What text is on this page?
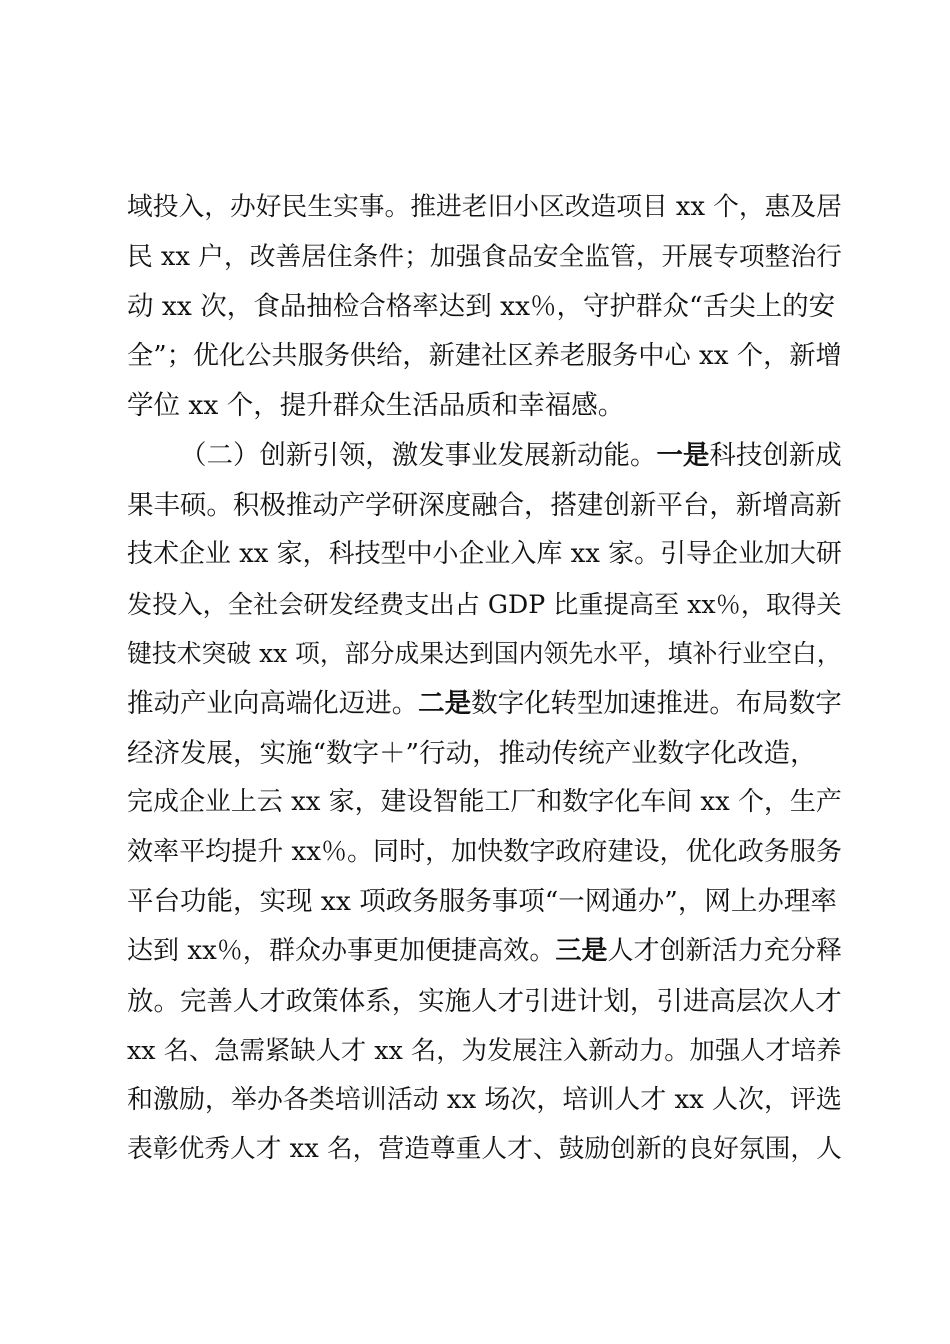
域投入，办好民生实事。推进老旧小区改造项目 xx 个，惠及居
民 xx 户，改善居住条件；加强食品安全监管，开展专项整治行
动 xx 次，食品抽检合格率达到 xx％，守护群众“舌尖上的安
全”；优化公共服务供给，新建社区养老服务中心 xx 个，新增
学位 xx 个，提升群众生活品质和幸福感。
（二）创新引领，激发事业发展新动能。 一是 科技创新成
果丰硕。积极推动产学研深度融合，搭建创新平台，新增高新
技术企业 xx 家，科技型中小企业入库 xx 家。引导企业加大研
发投入，全社会研发经费支出占 GDP 比重提高至 xx％，取得关
键技术突破 xx 项，部分成果达到国内领先水平，填补行业空白，
推动产业向高端化迈进。 二是 数字化转型加速推进。布局数字
经济发展，实施“数字＋”行动，推动传统产业数字化改造，
完成企业上云 xx 家，建设智能工厂和数字化车间 xx 个，生产
效率平均提升 xx％。同时，加快数字政府建设，优化政务服务
平台功能，实现 xx 项政务服务事项“一网通办”，网上办理率
达到 xx％，群众办事更加便捷高效。 三是 人才创新活力充分释
放。完善人才政策体系，实施人才引进计划，引进高层次人才
xx 名、急需紧缺人才 xx 名，为发展注入新动力。加强人才培养
和激励，举办各类培训活动 xx 场次，培训人才 xx 人次，评选
表彰优秀人才 xx 名，营造尊重人才、鼓励创新的良好氛围，人
